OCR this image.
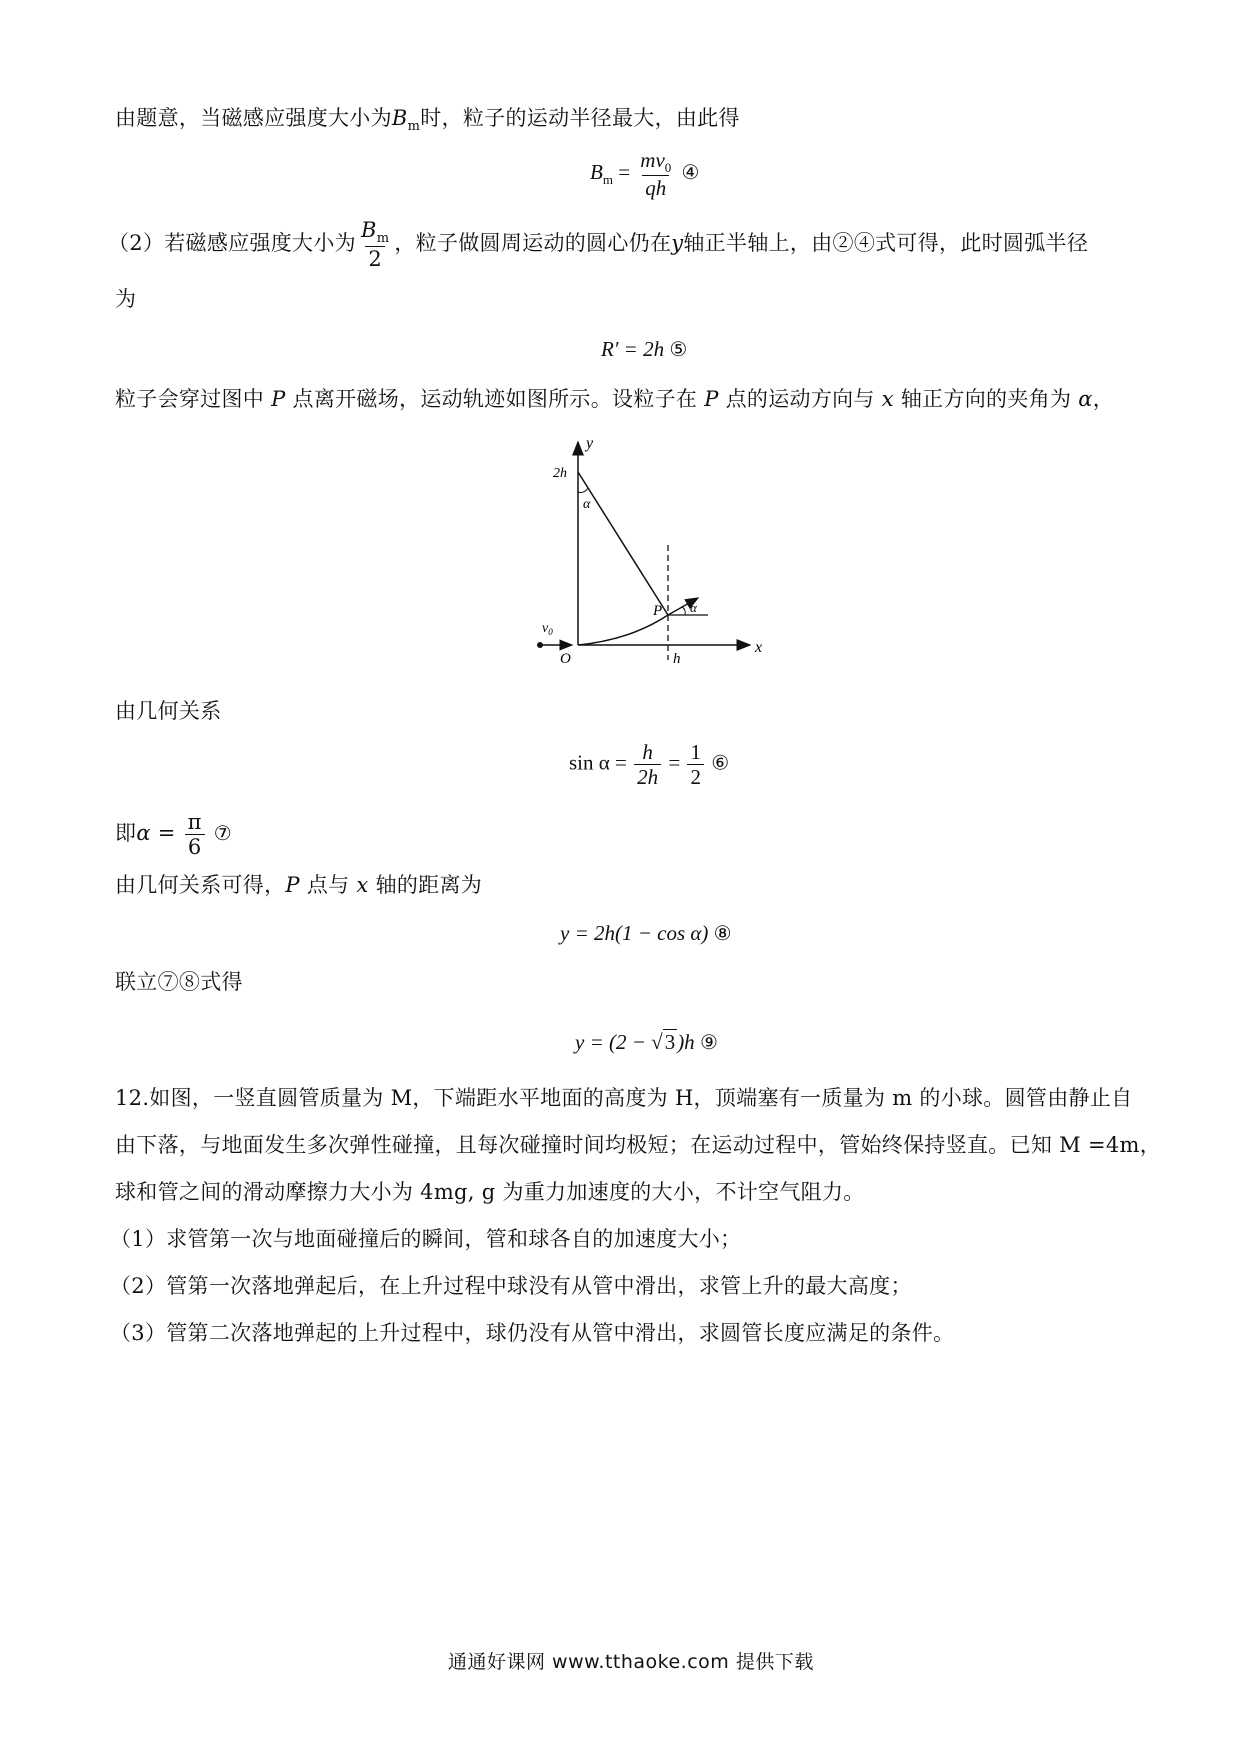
由题意，当磁感应强度大小为$B_m$时，粒子的运动半径最大，由此得
$B_m = \frac{mv_0}{qh}$ ④
（2）若磁感应强度大小为 $\frac{B_m}{2}$ ，粒子做圆周运动的圆心仍在y轴正半轴上，由②④式可得，此时圆弧半径
为
R′ = 2h ⑤
粒子会穿过图中 P 点离开磁场，运动轨迹如图所示。设粒子在 P 点的运动方向与 x 轴正方向的夹角为 α，
y
x
2h
α
P α
$v_0$
O	h
由几何关系
$\sin \alpha = \frac{h}{2h} = \frac{1}{2}$ ⑥
即$\alpha = \frac{\pi}{6}$ ⑦
由几何关系可得，P 点与 x 轴的距离为
y = 2h(1 − cos α) ⑧
联立⑦⑧式得
y = (2 − √3)h ⑨
12.如图，一竖直圆管质量为 M，下端距水平地面的高度为 H，顶端塞有一质量为 m 的小球。圆管由静止自
由下落，与地面发生多次弹性碰撞，且每次碰撞时间均极短；在运动过程中，管始终保持竖直。已知 M =4m，
球和管之间的滑动摩擦力大小为 4mg, g 为重力加速度的大小，不计空气阻力。
（1）求管第一次与地面碰撞后的瞬间，管和球各自的加速度大小；
（2）管第一次落地弹起后，在上升过程中球没有从管中滑出，求管上升的最大高度；
（3）管第二次落地弹起的上升过程中，球仍没有从管中滑出，求圆管长度应满足的条件。
通通好课网 www.tthaoke.com 提供下载
